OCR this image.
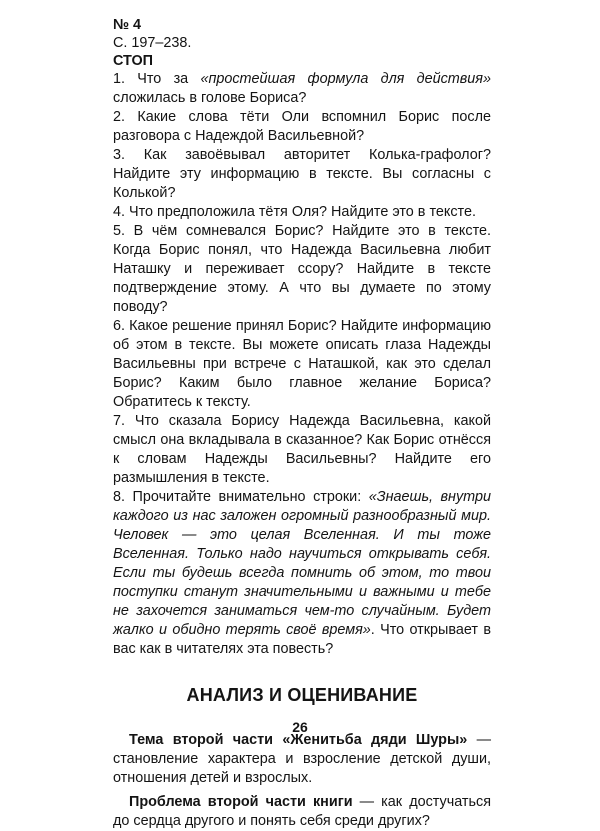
№ 4

С. 197–238.

СТОП

1. Что за «простейшая формула для действия» сложилась в голове Бориса?

2. Какие слова тёти Оли вспомнил Борис после разговора с Надеждой Васильевной?

3. Как завоёвывал авторитет Колька-графолог? Найдите эту информацию в тексте. Вы согласны с Колькой?

4. Что предположила тётя Оля? Найдите это в тексте.

5. В чём сомневался Борис? Найдите это в тексте. Когда Борис понял, что Надежда Васильевна любит Наташку и переживает ссору? Найдите в тексте подтверждение этому. А что вы думаете по этому поводу?

6. Какое решение принял Борис? Найдите информацию об этом в тексте. Вы можете описать глаза Надежды Васильевны при встрече с Наташкой, как это сделал Борис? Каким было главное желание Бориса? Обратитесь к тексту.

7. Что сказала Борису Надежда Васильевна, какой смысл она вкладывала в сказанное? Как Борис отнёсся к словам Надежды Васильевны? Найдите его размышления в тексте.

8. Прочитайте внимательно строки: «Знаешь, внутри каждого из нас заложен огромный разнообразный мир. Человек — это целая Вселенная. И ты тоже Вселенная. Только надо научиться открывать себя. Если ты будешь всегда помнить об этом, то твои поступки станут значительными и важными и тебе не захочется заниматься чем-то случайным. Будет жалко и обидно терять своё время». Что открывает в вас как в читателях эта повесть?

АНАЛИЗ И ОЦЕНИВАНИЕ

Тема второй части «Женитьба дяди Шуры» — становление характера и взросление детской души, отношения детей и взрослых.

Проблема второй части книги — как достучаться до сердца другого и понять себя среди других?

26
